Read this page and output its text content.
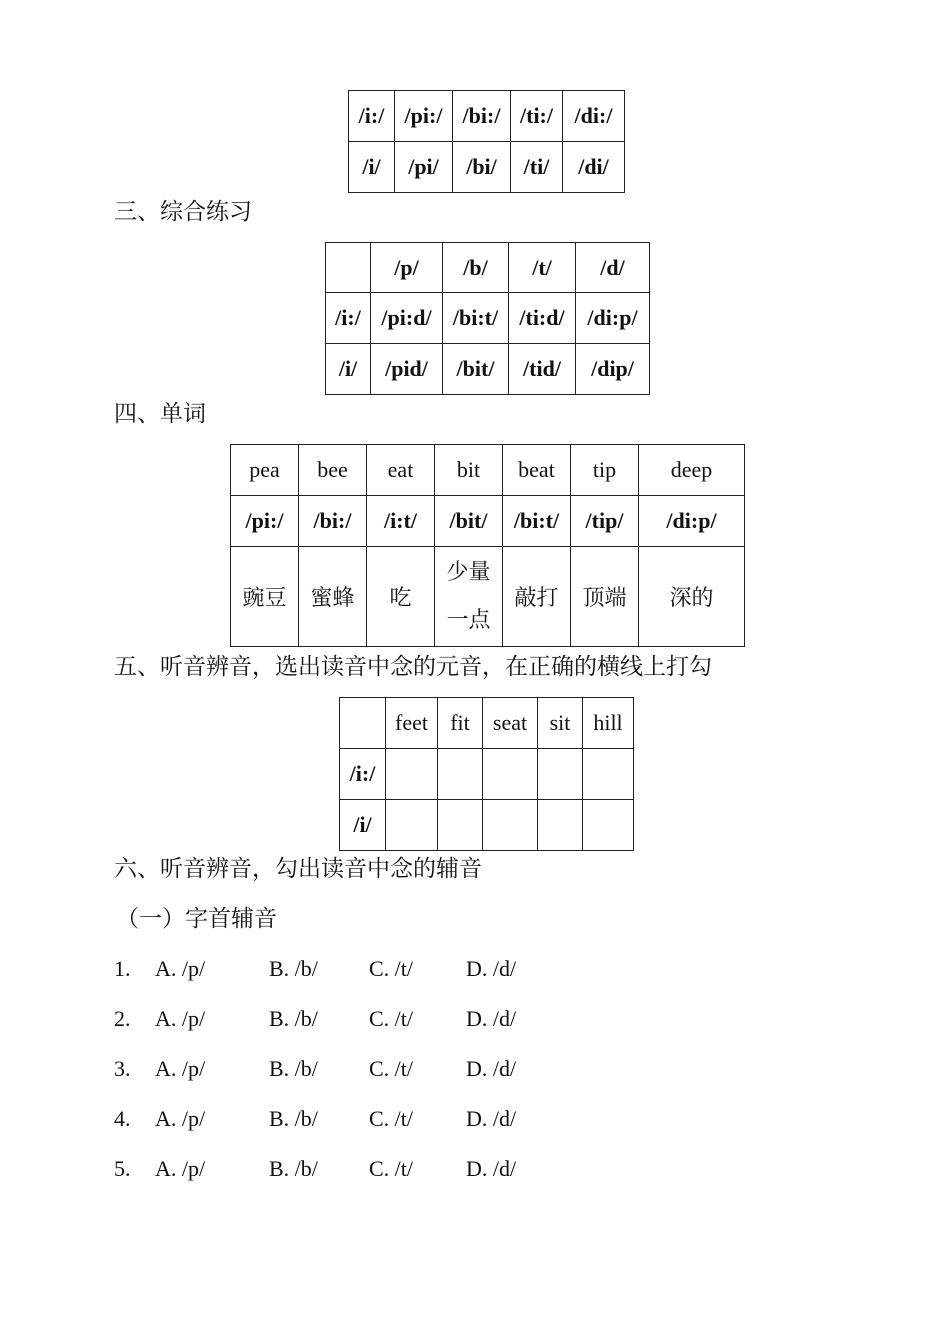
/i:/	/pi:/	/bi:/	/ti:/	/di:/
/i/	/pi/	/bi/	/ti/	/di/
三、综合练习
	/p/	/b/	/t/	/d/
/i:/	/pi:d/	/bi:t/	/ti:d/	/di:p/
/i/	/pid/	/bit/	/tid/	/dip/
四、单词
pea	bee	eat	bit	beat	tip	deep
/pi:/	/bi:/	/i:t/	/bit/	/bi:t/	/tip/	/di:p/
豌豆	蜜蜂	吃	少量一点	敲打	顶端	深的
五、听音辨音，选出读音中念的元音，在正确的横线上打勾
	feet	fit	seat	sit	hill
/i:/					
/i/					
六、听音辨音，勾出读音中念的辅音
（一）字首辅音
1. A. /p/	B. /b/ C. /t/ D. /d/
2. A. /p/	B. /b/ C. /t/ D. /d/
3. A. /p/	B. /b/ C. /t/ D. /d/
4. A. /p/	B. /b/ C. /t/ D. /d/
5. A. /p/	B. /b/ C. /t/ D. /d/
